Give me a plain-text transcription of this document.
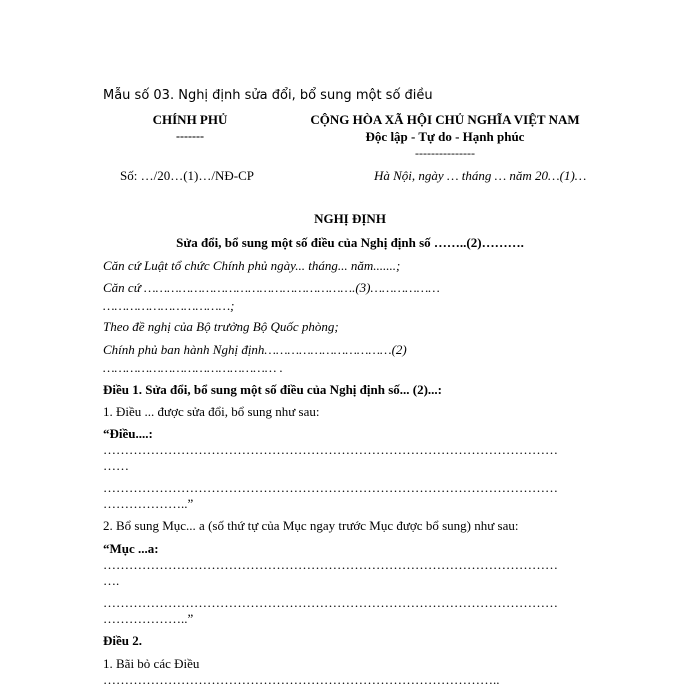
Mẫu số 03. Nghị định sửa đổi, bổ sung một số điều
CHÍNH PHỦ
-------
CỘNG HÒA XÃ HỘI CHỦ NGHĨA VIỆT NAM
Độc lập - Tự do - Hạnh phúc
---------------
Số: …/20…(1)…/NĐ-CP	Hà Nội, ngày … tháng … năm 20…(1)…
NGHỊ ĐỊNH
Sửa đổi, bổ sung một số điều của Nghị định số ……..(2)……….
Căn cứ Luật tổ chức Chính phủ ngày... tháng... năm.......;
Căn cứ ……………………………………………….(3)………………
……………………………;
Theo đề nghị của Bộ trưởng Bộ Quốc phòng;
Chính phủ ban hành Nghị định……………………………(2)
……………………………………… .
Điều 1. Sửa đổi, bổ sung một số điều của Nghị định số... (2)...:
1. Điều ... được sửa đổi, bổ sung như sau:
“Điều....:
……………………………………………………………………………………………
……
……………………………………………………………………………………………
………………..”
2. Bổ sung Mục... a (số thứ tự của Mục ngay trước Mục được bổ sung) như sau:
“Mục ...a:
……………………………………………………………………………………………
….
……………………………………………………………………………………………
………………..”
Điều 2.
1. Bãi bỏ các Điều
………………………………………………………………………………..
